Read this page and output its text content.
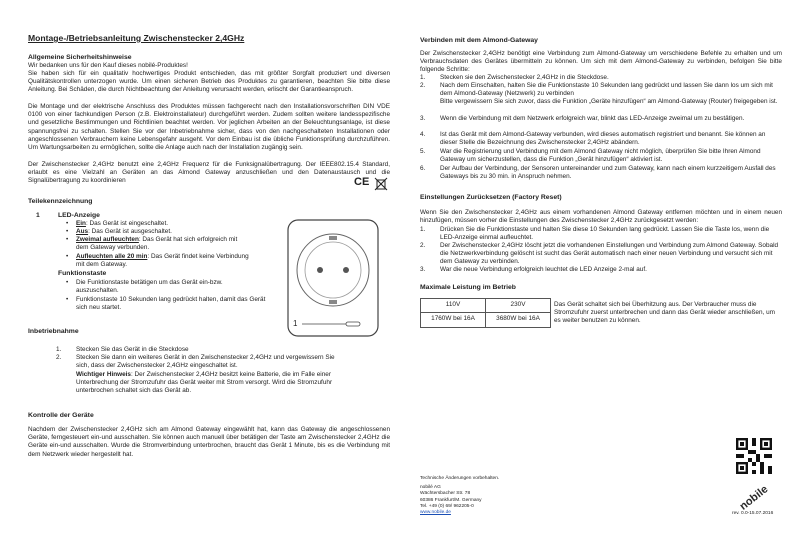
Montage-/Betriebsanleitung Zwischenstecker 2,4GHz
Allgemeine Sicherheitshinweise
Wir bedanken uns für den Kauf dieses nobilé-Produktes!
Sie haben sich für ein qualitativ hochwertiges Produkt entschieden, das mit größter Sorgfalt produziert und diversen Qualitätskontrollen unterzogen wurde. Um einen sicheren Betrieb des Produktes zu garantieren, beachten Sie bitte diese Anleitung. Bei Schäden, die durch Nichtbeachtung der Anleitung verursacht werden, erlischt der Garantieanspruch.
Die Montage und der elektrische Anschluss des Produktes müssen fachgerecht nach den Installationsvorschriften DIN VDE 0100 von einer fachkundigen Person (z.B. Elektroinstallateur) durchgeführt werden. Zudem sollten weitere landesspezifische und gesetzliche Bestimmungen und Richtlinien beachtet werden. Vor jeglichen Arbeiten an der Beleuchtungsanlage, ist diese spannungsfrei zu schalten. Stellen Sie vor der Inbetriebnahme sicher, dass von den nachgeschalteten Installationen oder angeschlossenen Verbrauchern keine Lebensgefahr ausgeht. Vor dem Einbau ist die übliche Funktionsprüfung durchzuführen. Um Wartungsarbeiten zu ermöglichen, sollte die Anlage auch nach der Installation zugängig sein.
Der Zwischenstecker 2,4GHz benutzt eine 2,4GHz Frequenz für die Funksignalübertragung. Der IEEE802.15.4 Standard, erlaubt es eine Vielzahl an Geräten an das Almond Gateway anzuschließen und den Datenaustausch und die Signalübertragung zu koordinieren	C​E
Teilekennzeichnung
1	LED-Anzeige
• Ein: Das Gerät ist eingeschaltet.
• Aus: Das Gerät ist ausgeschaltet.
• Zweimal aufleuchten: Das Gerät hat sich erfolgreich mit dem Gateway verbunden.
• Aufleuchten alle 20 min: Das Gerät findet keine Verbindung mit dem Gateway.
Funktionstaste
• Die Funktionstaste betätigen um das Gerät ein-bzw. auszuschalten.
• Funktionstaste 10 Sekunden lang gedrückt halten, damit das Gerät sich neu startet.
1
Inbetriebnahme
1. Stecken Sie das Gerät in die Steckdose
2. Stecken Sie dann ein weiteres Gerät in den Zwischenstecker 2,4GHz und vergewissern Sie sich, dass der Zwischenstecker 2,4GHz eingeschaltet ist.
Wichtiger Hinweis: Der Zwischenstecker 2,4GHz besitzt keine Batterie, die im Falle einer Unterbrechung der Stromzufuhr das Gerät weiter mit Strom versorgt. Wird die Stromzufuhr unterbrochen schaltet sich das Gerät ab.
Kontrolle der Geräte
Nachdem der Zwischenstecker 2,4GHz sich am Almond Gateway eingewählt hat, kann das Gateway die angeschlossenen Geräte, ferngesteuert ein-und ausschalten. Sie können auch manuell über betätigen der Taste am Zwischenstecker 2,4GHz die Geräte ein-und ausschalten. Wurde die Stromverbindung unterbrochen, braucht das Gerät 1 Minute, bis es die Verbindung mit dem Netzwerk wieder hergestellt hat.
Verbinden mit dem Almond-Gateway
Der Zwischenstecker 2,4GHz benötigt eine Verbindung zum Almond-Gateway um verschiedene Befehle zu erhalten und um Verbrauchsdaten des Gerätes übermitteln zu können. Um sich mit dem Almond-Gateway zu verbinden, befolgen Sie bitte folgende Schritte:
1. Stecken sie den Zwischenstecker 2,4GHz in die Steckdose.
2. Nach dem Einschalten, halten Sie die Funktionstaste 10 Sekunden lang gedrückt und lassen Sie dann los um sich mit dem Almond-Gateway (Netzwerk) zu verbinden
Bitte vergewissern Sie sich zuvor, dass die Funktion „Geräte hinzufügen“ am Almond-Gateway (Router) freigegeben ist.
3. Wenn die Verbindung mit dem Netzwerk erfolgreich war, blinkt das LED-Anzeige zweimal um zu bestätigen.
4. Ist das Gerät mit dem Almond-Gateway verbunden, wird dieses automatisch registriert und benannt. Sie können an dieser Stelle die Bezeichnung des Zwischenstecker 2,4GHz abändern.
5. War die Registrierung und Verbindung mit dem Almond Gateway nicht möglich, überprüfen Sie bitte Ihren Almond Gateway um sicherzustellen, dass die Funktion „Gerät hinzufügen“ aktiviert ist.
6. Der Aufbau der Verbindung, der Sensoren untereinander und zum Gateway, kann nach einem kurzzeitigem Ausfall des Gateways bis zu 30 min. in Anspruch nehmen.
Einstellungen Zurücksetzen (Factory Reset)
Wenn Sie den Zwischenstecker 2,4GHz aus einem vorhandenen Almond Gateway entfernen möchten und in einem neuen hinzufügen, müssen vorher die Einstellungen des Zwischenstecker 2,4GHz zurückgesetzt werden:
1. Drücken Sie die Funktionstaste und halten Sie diese 10 Sekunden lang gedrückt. Lassen Sie die Taste los, wenn die LED-Anzeige einmal aufleuchtet.
2. Der Zwischenstecker 2,4GHz löscht jetzt die vorhandenen Einstellungen und Verbindung zum Almond Gateway. Sobald die Netzwerkverbindung gelöscht ist sucht das Gerät automatisch nach einer neuen Verbindung und versucht sich mit dem Gateway zu verbinden.
3. War die neue Verbindung erfolgreich leuchtet die LED Anzeige 2-mal auf.
Maximale Leistung im Betrieb
110V	230V	Das Gerät schaltet sich bei Überhitzung aus. Der Verbraucher muss die Stromzufuhr zuerst unterbrechen und dann das Gerät wieder anschließen, um es weiter benutzen zu können.
1760W bei 16A	3680W bei 16A	
Technische Änderungen vorbehalten.
nobilé AG
Wächtersbacher Str. 78
60386 Frankfurt/M. Germany
Tel. +49 (0) 69/ 962205-0
www.nobile.de	nobile
rev. 0.0-15.07.2016
